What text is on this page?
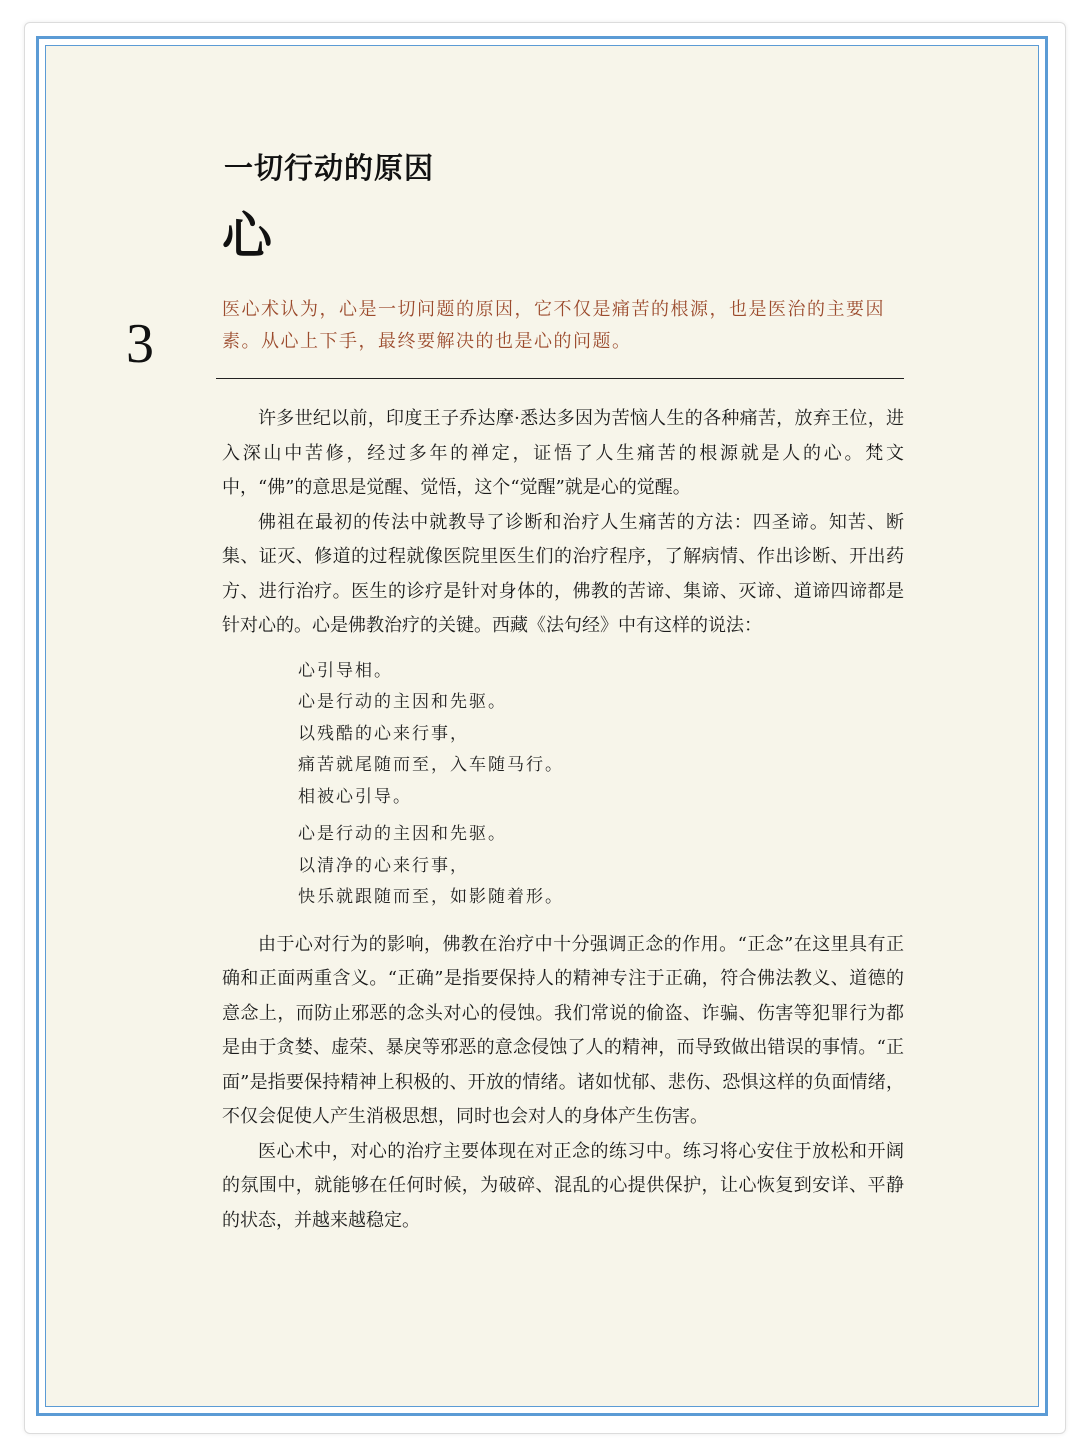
一切行动的原因
心
3

医心术认为，心是一切问题的原因，它不仅是痛苦的根源，也是医治的主要因素。从心上下手，最终要解决的也是心的问题。

许多世纪以前，印度王子乔达摩·悉达多因为苦恼人生的各种痛苦，放弃王位，进入深山中苦修，经过多年的禅定，证悟了人生痛苦的根源就是人的心。梵文中，“佛”的意思是觉醒、觉悟，这个“觉醒”就是心的觉醒。

佛祖在最初的传法中就教导了诊断和治疗人生痛苦的方法：四圣谛。知苦、断集、证灭、修道的过程就像医院里医生们的治疗程序，了解病情、作出诊断、开出药方、进行治疗。医生的诊疗是针对身体的，佛教的苦谛、集谛、灭谛、道谛四谛都是针对心的。心是佛教治疗的关键。西藏《法句经》中有这样的说法：

心引导相。
心是行动的主因和先驱。
以残酷的心来行事，
痛苦就尾随而至，入车随马行。
相被心引导。
心是行动的主因和先驱。
以清净的心来行事，
快乐就跟随而至，如影随着形。

由于心对行为的影响，佛教在治疗中十分强调正念的作用。“正念”在这里具有正确和正面两重含义。“正确”是指要保持人的精神专注于正确，符合佛法教义、道德的意念上，而防止邪恶的念头对心的侵蚀。我们常说的偷盗、诈骗、伤害等犯罪行为都是由于贪婪、虚荣、暴戾等邪恶的意念侵蚀了人的精神，而导致做出错误的事情。“正面”是指要保持精神上积极的、开放的情绪。诸如忧郁、悲伤、恐惧这样的负面情绪，不仅会促使人产生消极思想，同时也会对人的身体产生伤害。

医心术中，对心的治疗主要体现在对正念的练习中。练习将心安住于放松和开阔的氛围中，就能够在任何时候，为破碎、混乱的心提供保护，让心恢复到安详、平静的状态，并越来越稳定。
